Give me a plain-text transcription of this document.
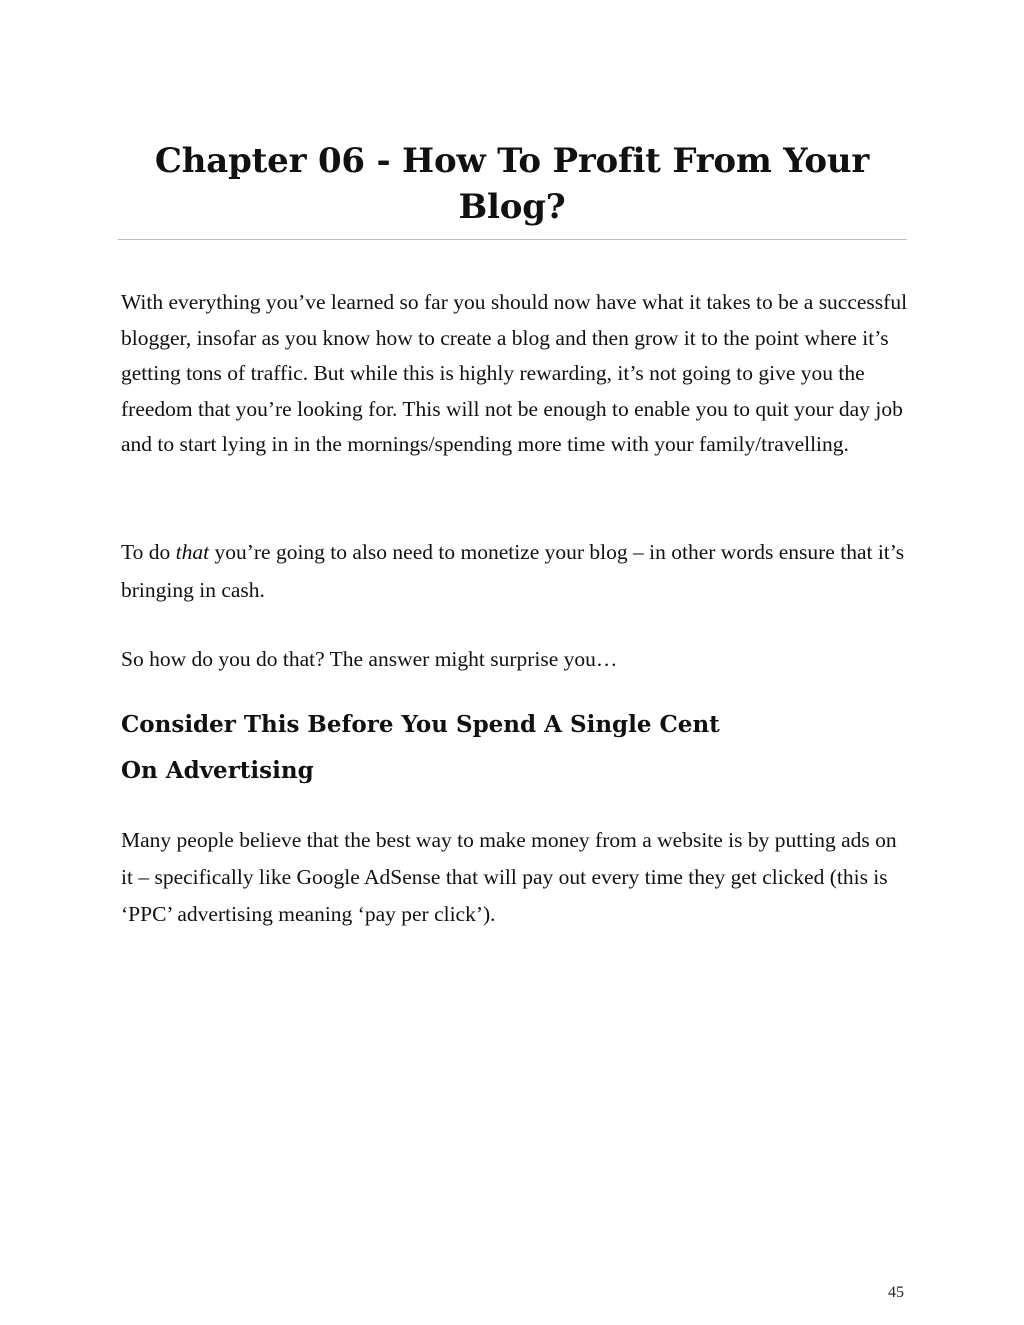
Chapter 06 - How To Profit From Your Blog?

With everything you’ve learned so far you should now have what it takes to be a successful blogger, insofar as you know how to create a blog and then grow it to the point where it’s getting tons of traffic. But while this is highly rewarding, it’s not going to give you the freedom that you’re looking for. This will not be enough to enable you to quit your day job and to start lying in in the mornings/spending more time with your family/travelling.

To do that you’re going to also need to monetize your blog – in other words ensure that it’s bringing in cash.

So how do you do that? The answer might surprise you…

Consider This Before You Spend A Single Cent
On Advertising

Many people believe that the best way to make money from a website is by putting ads on it – specifically like Google AdSense that will pay out every time they get clicked (this is ‘PPC’ advertising meaning ‘pay per click’).

45
